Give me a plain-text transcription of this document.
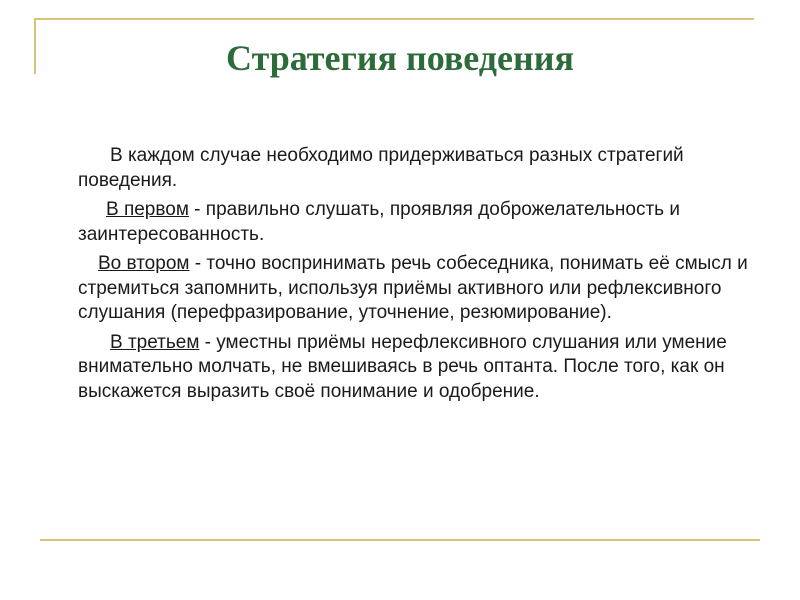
Стратегия поведения

В каждом случае необходимо придерживаться разных стратегий поведения.

В первом - правильно слушать, проявляя доброжелательность и заинтересованность.

Во втором - точно воспринимать речь собеседника, понимать её смысл и стремиться запомнить, используя приёмы активного или рефлексивного слушания (перефразирование, уточнение, резюмирование).

В третьем - уместны приёмы нерефлексивного слушания или умение внимательно молчать, не вмешиваясь в речь оптанта. После того, как он выскажется выразить своё понимание и одобрение.
